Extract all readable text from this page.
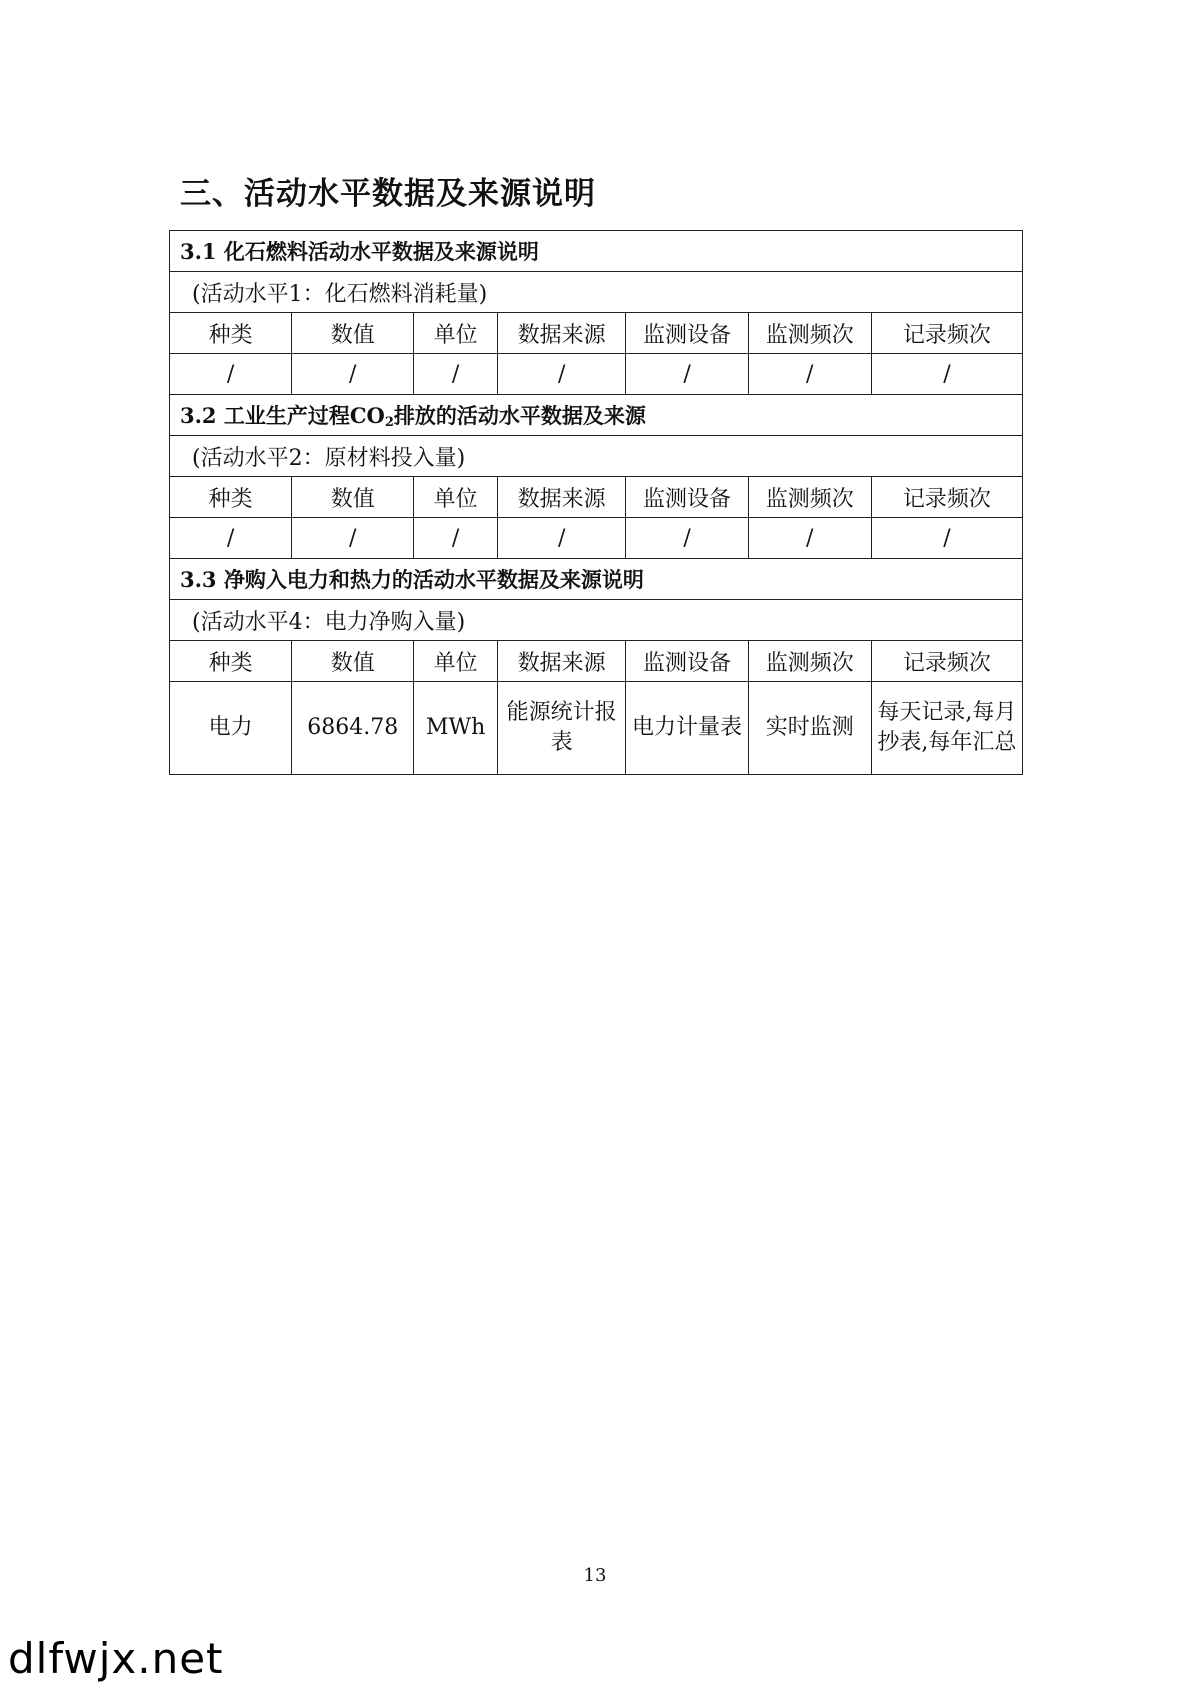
三、活动水平数据及来源说明
3.1 化石燃料活动水平数据及来源说明						
(活动水平1：化石燃料消耗量)						
种类	数值	单位	数据来源	监测设备	监测频次	记录频次
/	/	/	/	/	/	/
3.2 工业生产过程$CO_2$排放的活动水平数据及来源						
(活动水平2：原材料投入量)						
种类	数值	单位	数据来源	监测设备	监测频次	记录频次
/	/	/	/	/	/	/
3.3 净购入电力和热力的活动水平数据及来源说明						
(活动水平4：电力净购入量)						
种类	数值	单位	数据来源	监测设备	监测频次	记录频次
电力	6864.78	MWh	能源统计报表	电力计量表	实时监测	每天记录,每月抄表,每年汇总
13
dlfwjx.net
